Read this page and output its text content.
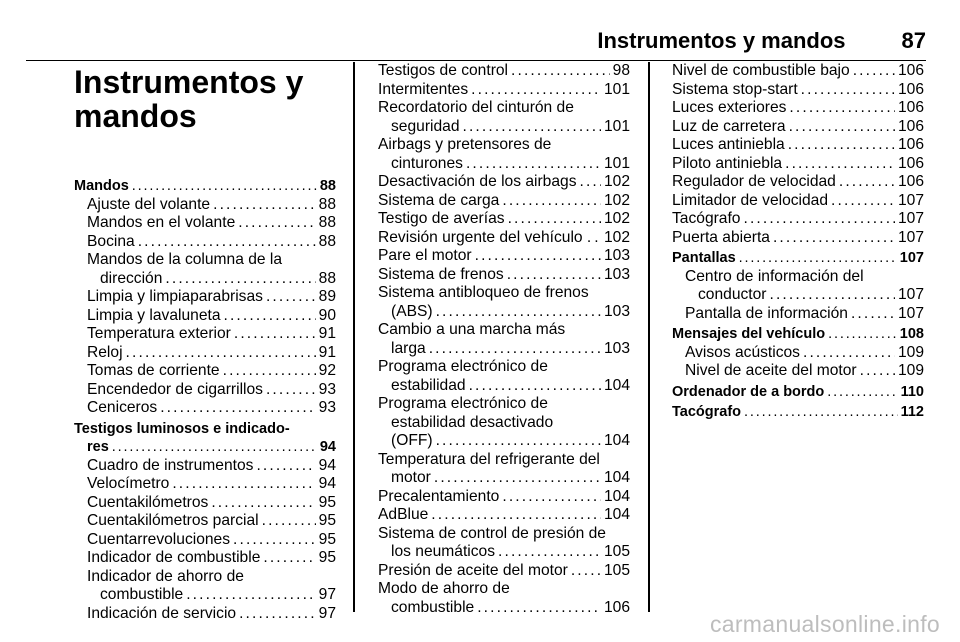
Instrumentos y mandos	87
Instrumentos y
mandos
Mandos . . .	88
Ajuste del volante . . .	88
Mandos en el volante . . .	88
Bocina . . .	88
Mandos de la columna de la
dirección . . .	88
Limpia y limpiaparabrisas . . .	89
Limpia y lavaluneta . . .	90
Temperatura exterior . . .	91
Reloj . . .	91
Tomas de corriente . . .	92
Encendedor de cigarrillos . . .	93
Ceniceros . . .	93
Testigos luminosos e indicado-
res . . .	94
Cuadro de instrumentos . . .	94
Velocímetro . . .	94
Cuentakilómetros . . .	95
Cuentakilómetros parcial . . .	95
Cuentarrevoluciones . . .	95
Indicador de combustible . . .	95
Indicador de ahorro de
combustible . . .	97
Indicación de servicio . . .	97
Testigos de control . . .	98
Intermitentes . . .	101
Recordatorio del cinturón de
seguridad . . .	101
Airbags y pretensores de
cinturones . . .	101
Desactivación de los airbags . . . 102
Sistema de carga . . .	102
Testigo de averías . . .	102
Revisión urgente del vehículo . . . . 102
Pare el motor . . .	103
Sistema de frenos . . .	103
Sistema antibloqueo de frenos
(ABS) . . .	103
Cambio a una marcha más
larga . . .	103
Programa electrónico de
estabilidad . . .	104
Programa electrónico de
estabilidad desactivado
(OFF) . . .	104
Temperatura del refrigerante del
motor . . .	104
Precalentamiento . . .	104
AdBlue . . .	104
Sistema de control de presión de
los neumáticos . . .	105
Presión de aceite del motor . . . 105
Modo de ahorro de
combustible . . .	106
Nivel de combustible bajo . . .	106
Sistema stop-start . . .	106
Luces exteriores . . .	106
Luz de carretera . . .	106
Luces antiniebla . . .	106
Piloto antiniebla . . .	106
Regulador de velocidad . . .	106
Limitador de velocidad . . .	107
Tacógrafo . . .	107
Puerta abierta . . .	107
Pantallas . . .	107
Centro de información del
conductor . . .	107
Pantalla de información . . .	107
Mensajes del vehículo . . .	108
Avisos acústicos . . .	109
Nivel de aceite del motor . . .	109
Ordenador de a bordo . . .	110
Tacógrafo . . .	112
carmanualsonline.info
